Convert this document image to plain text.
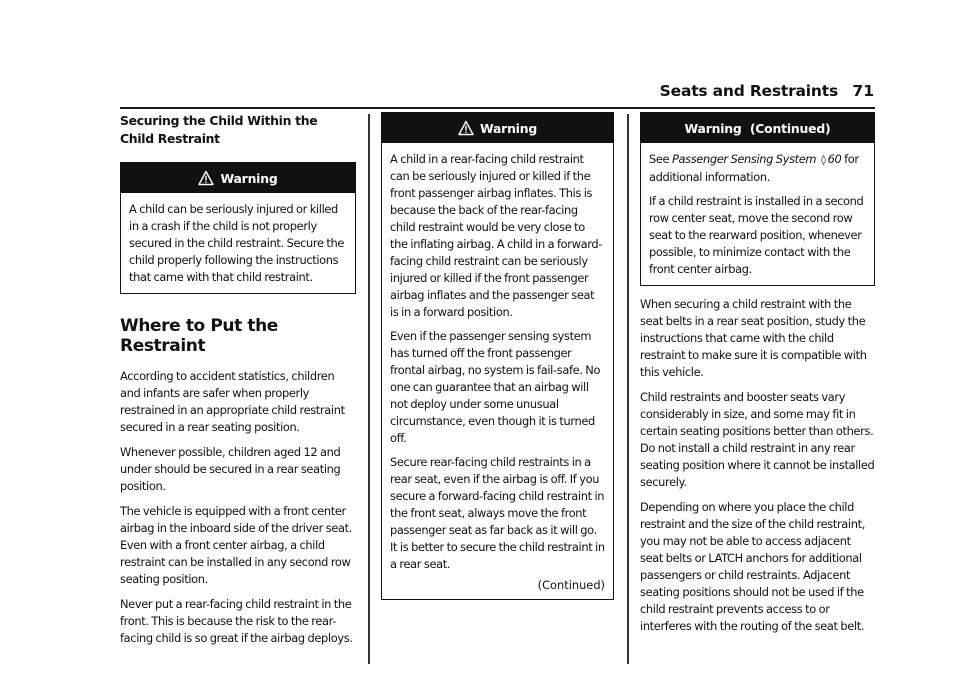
Seats and Restraints 71
Securing the Child Within the Child Restraint
Warning

A child can be seriously injured or killed in a crash if the child is not properly secured in the child restraint. Secure the child properly following the instructions that came with that child restraint.

Where to Put the Restraint

According to accident statistics, children and infants are safer when properly restrained in an appropriate child restraint secured in a rear seating position.

Whenever possible, children aged 12 and under should be secured in a rear seating position.

The vehicle is equipped with a front center airbag in the inboard side of the driver seat. Even with a front center airbag, a child restraint can be installed in any second row seating position.

Never put a rear-facing child restraint in the front. This is because the risk to the rear-facing child is so great if the airbag deploys.

Warning

A child in a rear-facing child restraint can be seriously injured or killed if the front passenger airbag inflates. This is because the back of the rear-facing child restraint would be very close to the inflating airbag. A child in a forward-facing child restraint can be seriously injured or killed if the front passenger airbag inflates and the passenger seat is in a forward position.

Even if the passenger sensing system has turned off the front passenger frontal airbag, no system is fail-safe. No one can guarantee that an airbag will not deploy under some unusual circumstance, even though it is turned off.

Secure rear-facing child restraints in a rear seat, even if the airbag is off. If you secure a forward-facing child restraint in the front seat, always move the front passenger seat as far back as it will go. It is better to secure the child restraint in a rear seat.

(Continued)
Warning  (Continued)

See Passenger Sensing System ◊ 60 for additional information.

If a child restraint is installed in a second row center seat, move the second row seat to the rearward position, whenever possible, to minimize contact with the front center airbag.

When securing a child restraint with the seat belts in a rear seat position, study the instructions that came with the child restraint to make sure it is compatible with this vehicle.

Child restraints and booster seats vary considerably in size, and some may fit in certain seating positions better than others. Do not install a child restraint in any rear seating position where it cannot be installed securely.

Depending on where you place the child restraint and the size of the child restraint, you may not be able to access adjacent seat belts or LATCH anchors for additional passengers or child restraints. Adjacent seating positions should not be used if the child restraint prevents access to or interferes with the routing of the seat belt.
